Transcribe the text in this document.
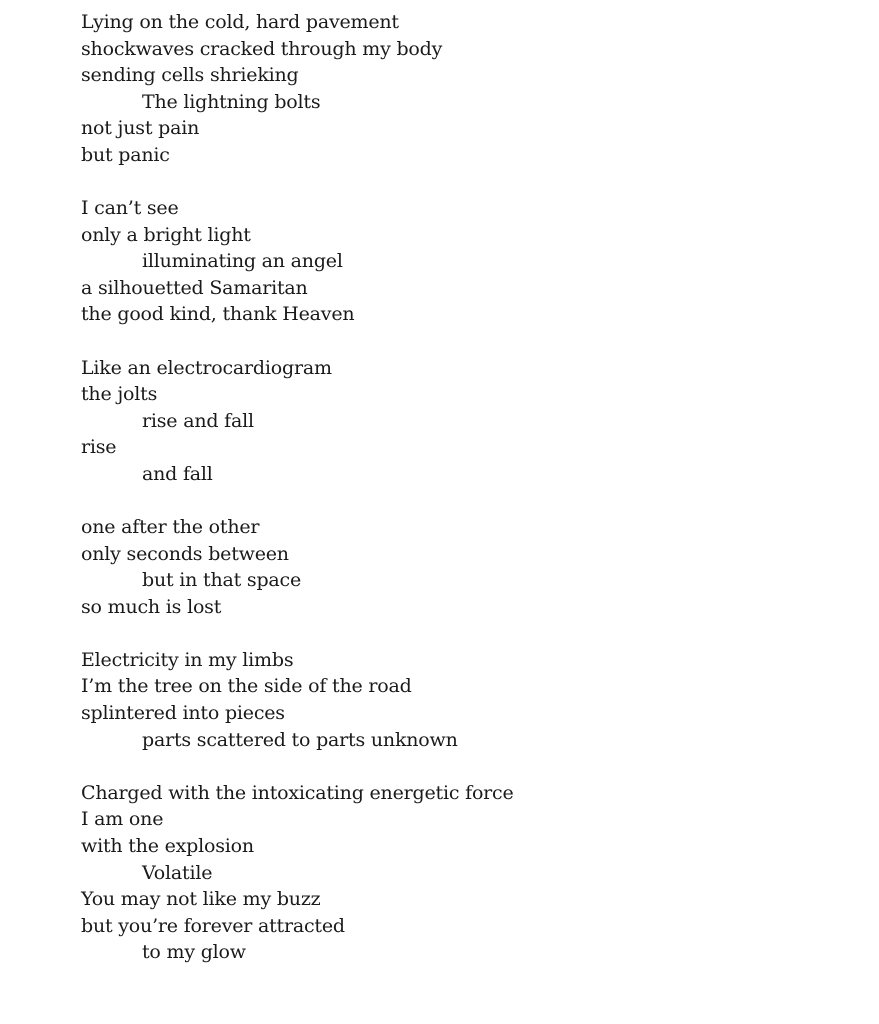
Lying on the cold, hard pavement
shockwaves cracked through my body
sending cells shrieking
The lightning bolts
not just pain
but panic
I can’t see
only a bright light
illuminating an angel
a silhouetted Samaritan
the good kind, thank Heaven
Like an electrocardiogram
the jolts
rise and fall
rise
and fall
one after the other
only seconds between
but in that space
so much is lost
Electricity in my limbs
I’m the tree on the side of the road
splintered into pieces
parts scattered to parts unknown
Charged with the intoxicating energetic force
I am one
with the explosion
Volatile
You may not like my buzz
but you’re forever attracted
to my glow
